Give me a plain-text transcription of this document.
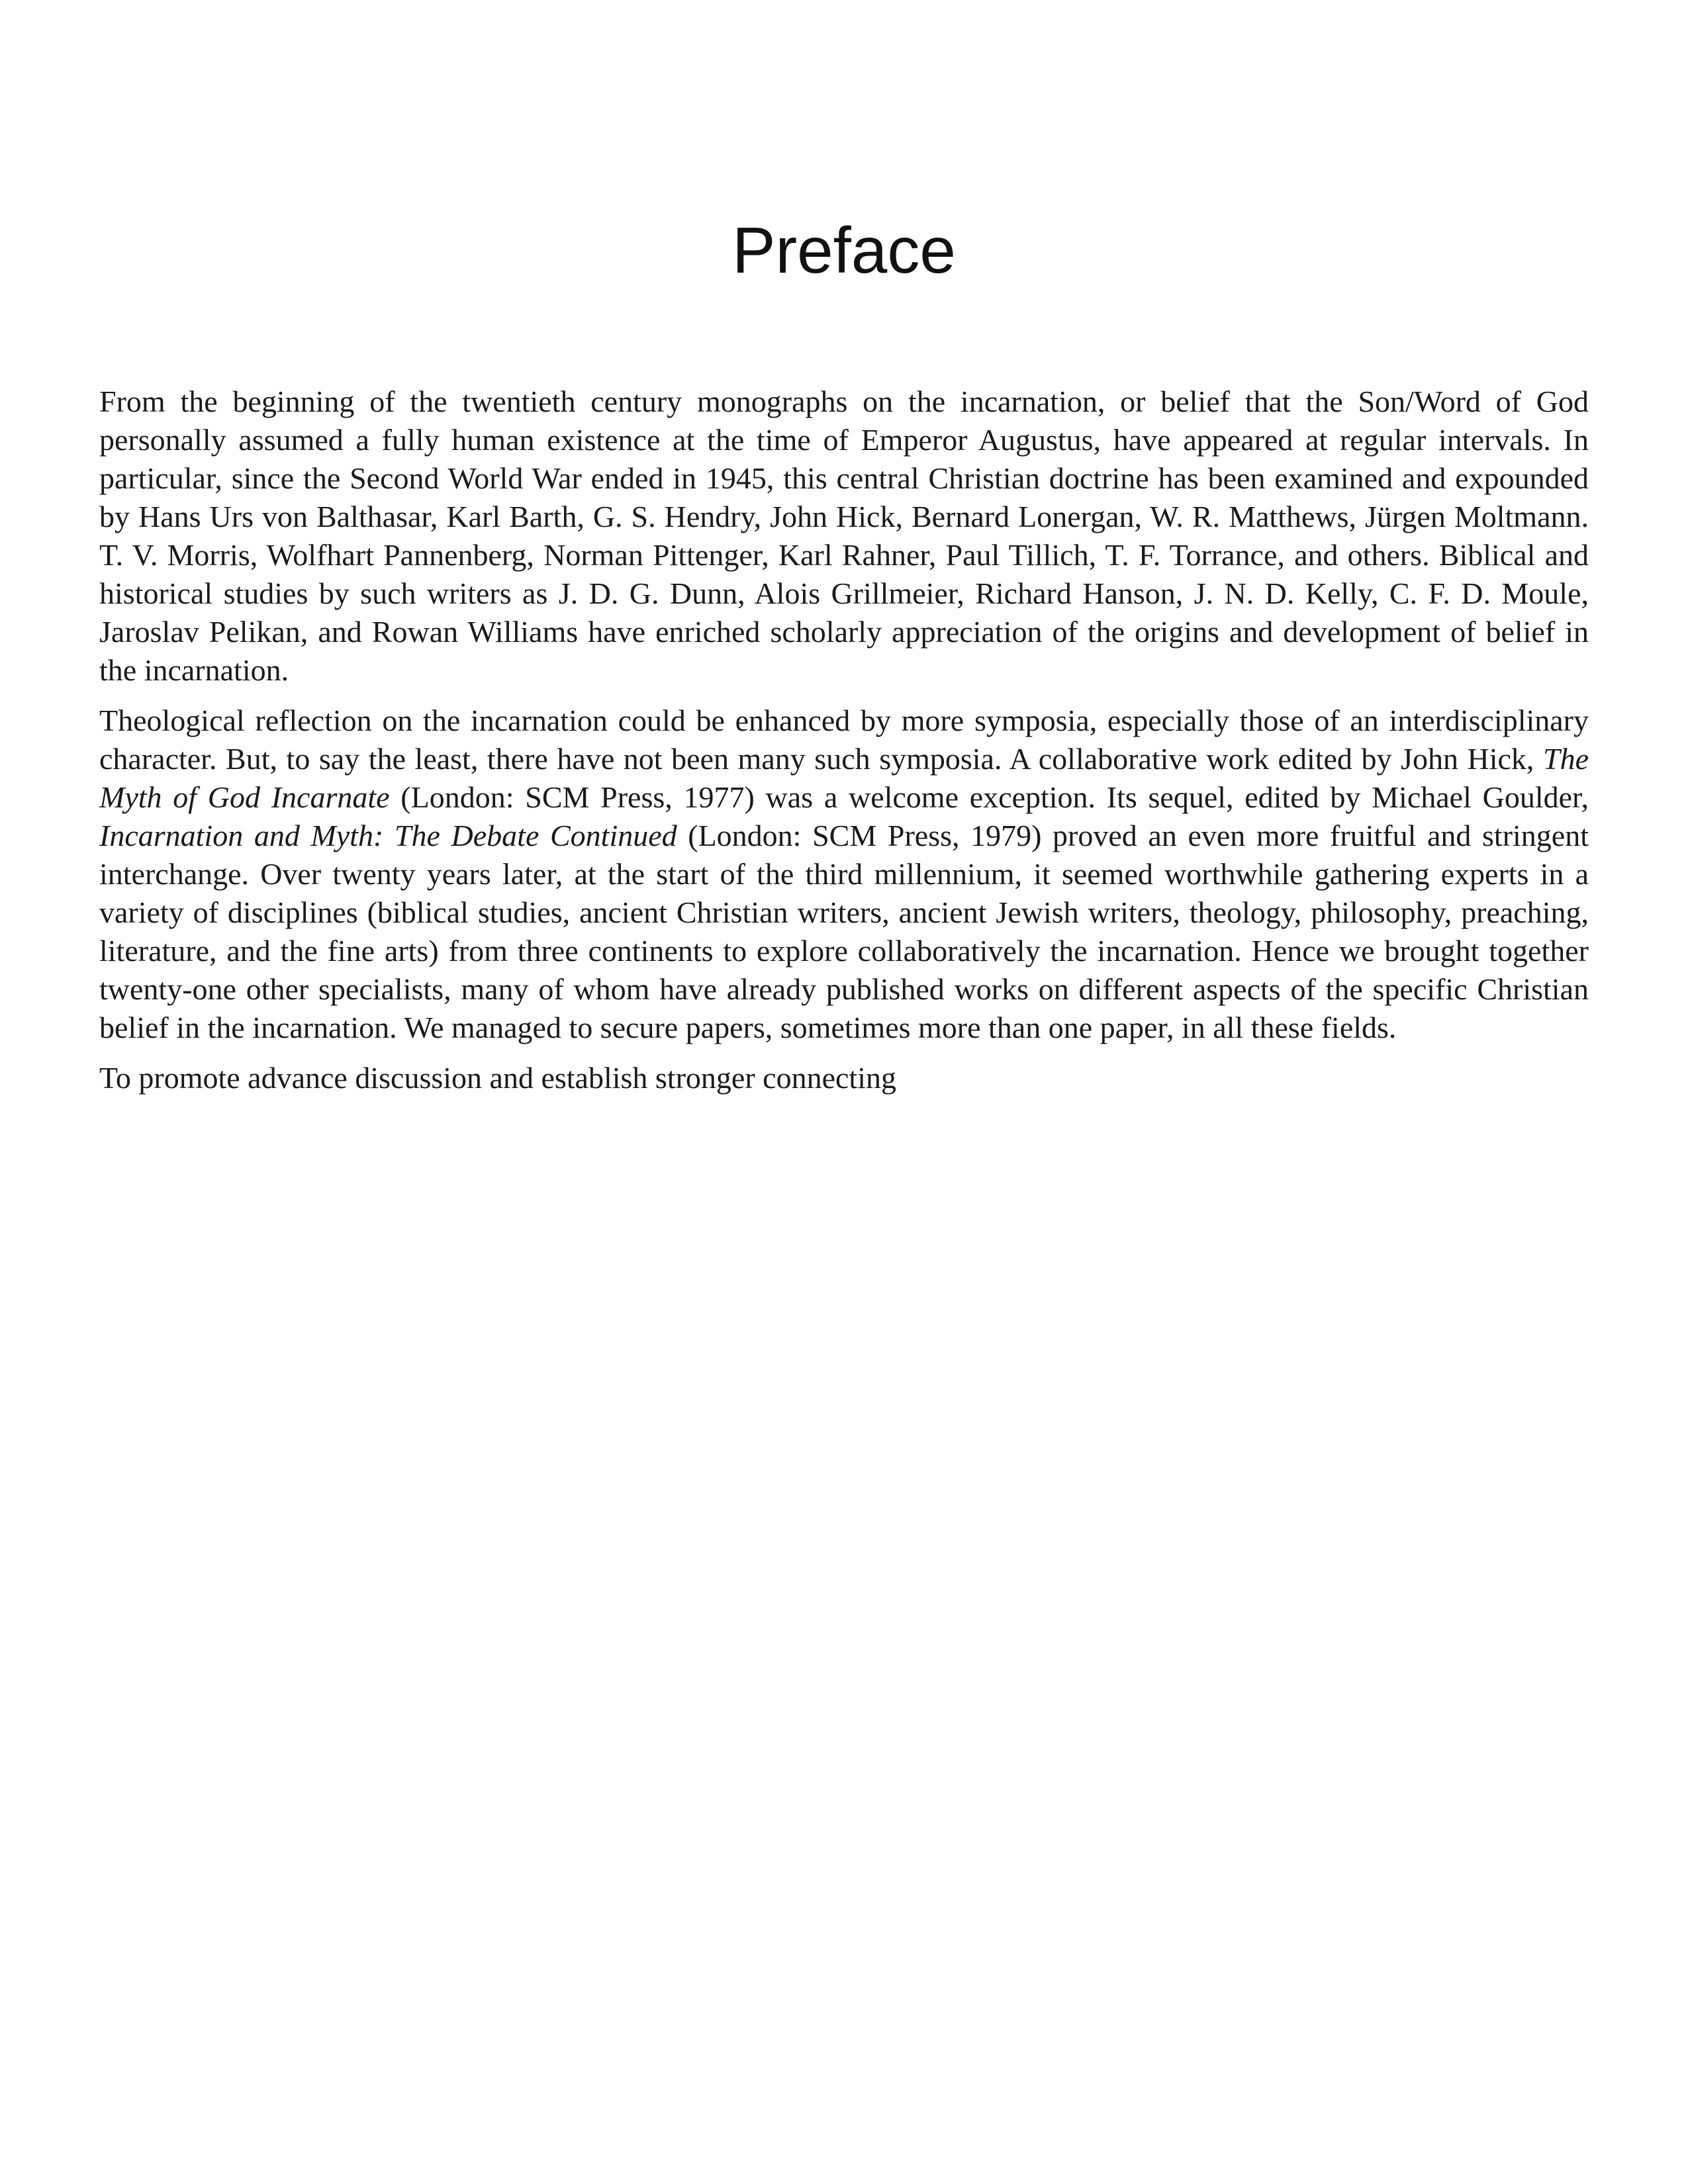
Preface

From the beginning of the twentieth century monographs on the incarnation, or belief that the Son/Word of God personally assumed a fully human existence at the time of Emperor Augustus, have appeared at regular intervals. In particular, since the Second World War ended in 1945, this central Christian doctrine has been examined and expounded by Hans Urs von Balthasar, Karl Barth, G. S. Hendry, John Hick, Bernard Lonergan, W. R. Matthews, Jürgen Moltmann. T. V. Morris, Wolfhart Pannenberg, Norman Pittenger, Karl Rahner, Paul Tillich, T. F. Torrance, and others. Biblical and historical studies by such writers as J. D. G. Dunn, Alois Grillmeier, Richard Hanson, J. N. D. Kelly, C. F. D. Moule, Jaroslav Pelikan, and Rowan Williams have enriched scholarly appreciation of the origins and development of belief in the incarnation.

Theological reflection on the incarnation could be enhanced by more symposia, especially those of an interdisciplinary character. But, to say the least, there have not been many such symposia. A collaborative work edited by John Hick, The Myth of God Incarnate (London: SCM Press, 1977) was a welcome exception. Its sequel, edited by Michael Goulder, Incarnation and Myth: The Debate Continued (London: SCM Press, 1979) proved an even more fruitful and stringent interchange. Over twenty years later, at the start of the third millennium, it seemed worthwhile gathering experts in a variety of disciplines (biblical studies, ancient Christian writers, ancient Jewish writers, theology, philosophy, preaching, literature, and the fine arts) from three continents to explore collaboratively the incarnation. Hence we brought together twenty-one other specialists, many of whom have already published works on different aspects of the specific Christian belief in the incarnation. We managed to secure papers, sometimes more than one paper, in all these fields.

To promote advance discussion and establish stronger connecting
